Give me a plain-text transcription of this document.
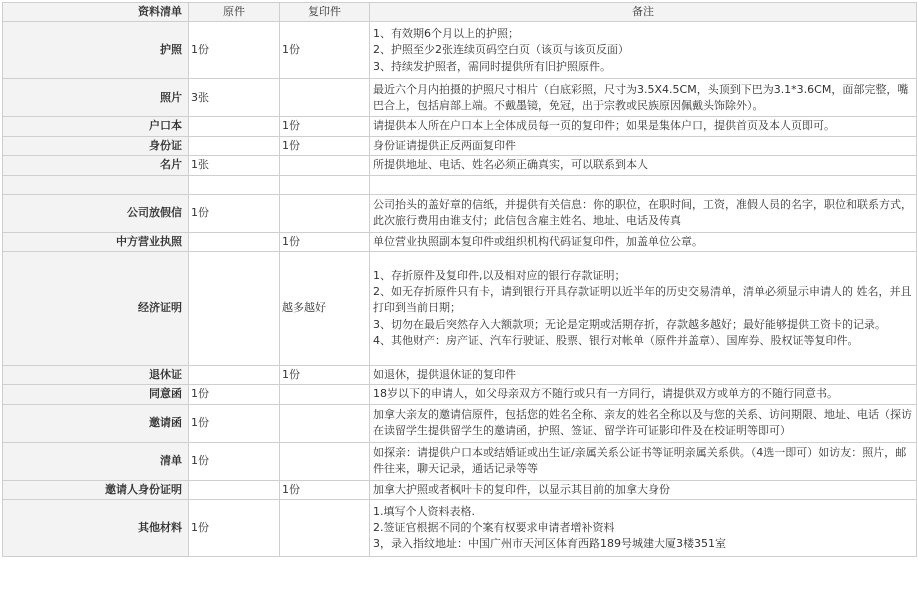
资料清单	原件	复印件	备注
护照	1份	1份	1、有效期6个月以上的护照；
2、护照至少2张连续页码空白页（该页与该页反面）
3、持续发护照者，需同时提供所有旧护照原件。

照片	3张		最近六个月内拍摄的护照尺寸相片（白底彩照，尺寸为3.5X4.5CM，头顶到下巴为3.1*3.6CM，面部完整，嘴巴合上，包括肩部上端。不戴墨镜，免冠，出于宗教或民族原因佩戴头饰除外）。

户口本		1份	请提供本人所在户口本上全体成员每一页的复印件；如果是集体户口，提供首页及本人页即可。

身份证		1份	身份证请提供正反两面复印件

名片	1张		所提供地址、电话、姓名必须正确真实，可以联系到本人

公司放假信	1份		公司抬头的盖好章的信纸，并提供有关信息：你的职位，在职时间，工资，准假人员的名字，职位和联系方式，此次旅行费用由谁支付；此信包含雇主姓名、地址、电话及传真

中方营业执照		1份	单位营业执照副本复印件或组织机构代码证复印件，加盖单位公章。

经济证明		越多越好	1、存折原件及复印件,以及相对应的银行存款证明；
2、如无存折原件只有卡，请到银行开具存款证明以近半年的历史交易清单，清单必须显示申请人的 姓名，并且打印到当前日期；
3、切勿在最后突然存入大额款项；无论是定期或活期存折，存款越多越好；最好能够提供工资卡的记录。
4、其他财产：房产证、汽车行驶证、股票、银行对帐单（原件并盖章）、国库券、股权证等复印件。

退休证		1份	如退休，提供退休证的复印件

同意函	1份		18岁以下的申请人，如父母亲双方不随行或只有一方同行，请提供双方或单方的不随行同意书。

邀请函	1份		加拿大亲友的邀请信原件，包括您的姓名全称、亲友的姓名全称以及与您的关系、访问期限、地址、电话（探访在读留学生提供留学生的邀请函，护照、签证、留学许可证影印件及在校证明等即可）

清单	1份		如探亲：请提供户口本或结婚证或出生证/亲属关系公证书等证明亲属关系供。（4选一即可）如访友：照片，邮件往来，聊天记录，通话记录等等

邀请人身份证明		1份	加拿大护照或者枫叶卡的复印件，以显示其目前的加拿大身份

其他材料	1份		1.填写个人资料表格.
2.签证官根据不同的个案有权要求申请者增补资料
3，录入指纹地址：中国广州市天河区体育西路189号城建大厦3楼351室
